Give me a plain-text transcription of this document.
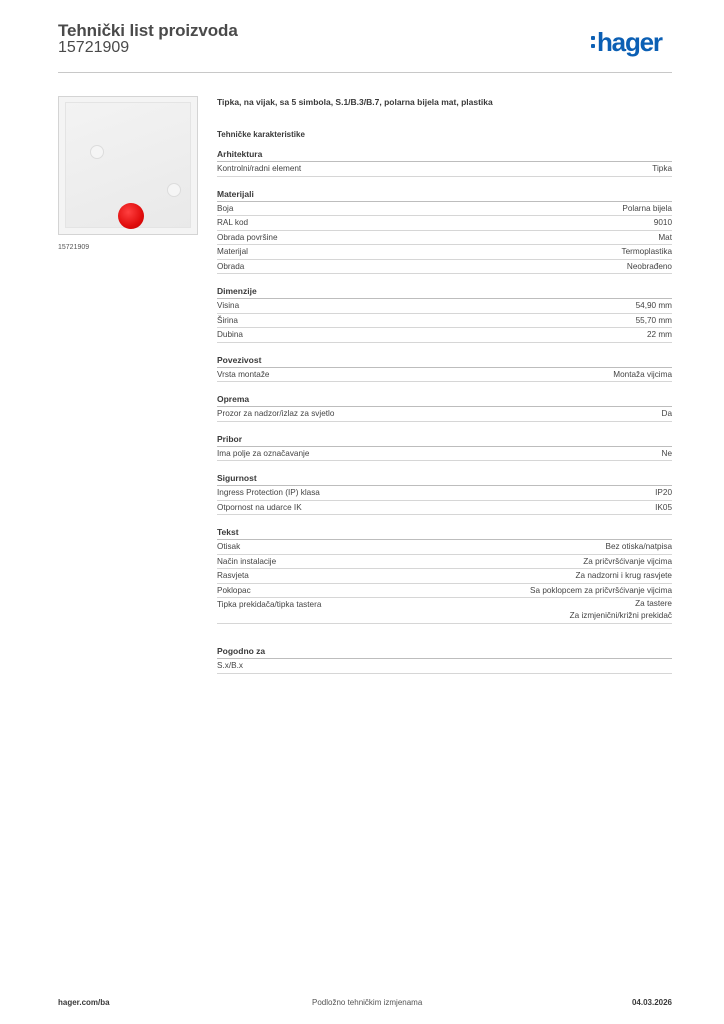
Tehnički list proizvoda
15721909	hager
15721909
Tipka, na vijak, sa 5 simbola, S.1/B.3/B.7, polarna bijela mat, plastika
Tehničke karakteristike
Arhitektura
Kontrolni/radni element	Tipka
Materijali
Boja	Polarna bijela
RAL kod	9010
Obrada površine	Mat
Materijal	Termoplastika
Obrada	Neobrađeno
Dimenzije
Visina	54,90 mm
Širina	55,70 mm
Dubina	22 mm
Povezivost
Vrsta montaže	Montaža vijcima
Oprema
Prozor za nadzor/izlaz za svjetlo	Da
Pribor
Ima polje za označavanje	Ne
Sigurnost
Ingress Protection (IP) klasa	IP20
Otpornost na udarce IK	IK05
Tekst
Otisak	Bez otiska/natpisa
Način instalacije	Za pričvršćivanje vijcima
Rasvjeta	Za nadzorni i krug rasvjete
Poklopac	Sa poklopcem za pričvršćivanje vijcima
Tipka prekidača/tipka tastera	Za tastere
Za izmjenični/križni prekidač
Pogodno za
S.x/B.x
hager.com/ba	Podložno tehničkim izmjenama	04.03.2026
